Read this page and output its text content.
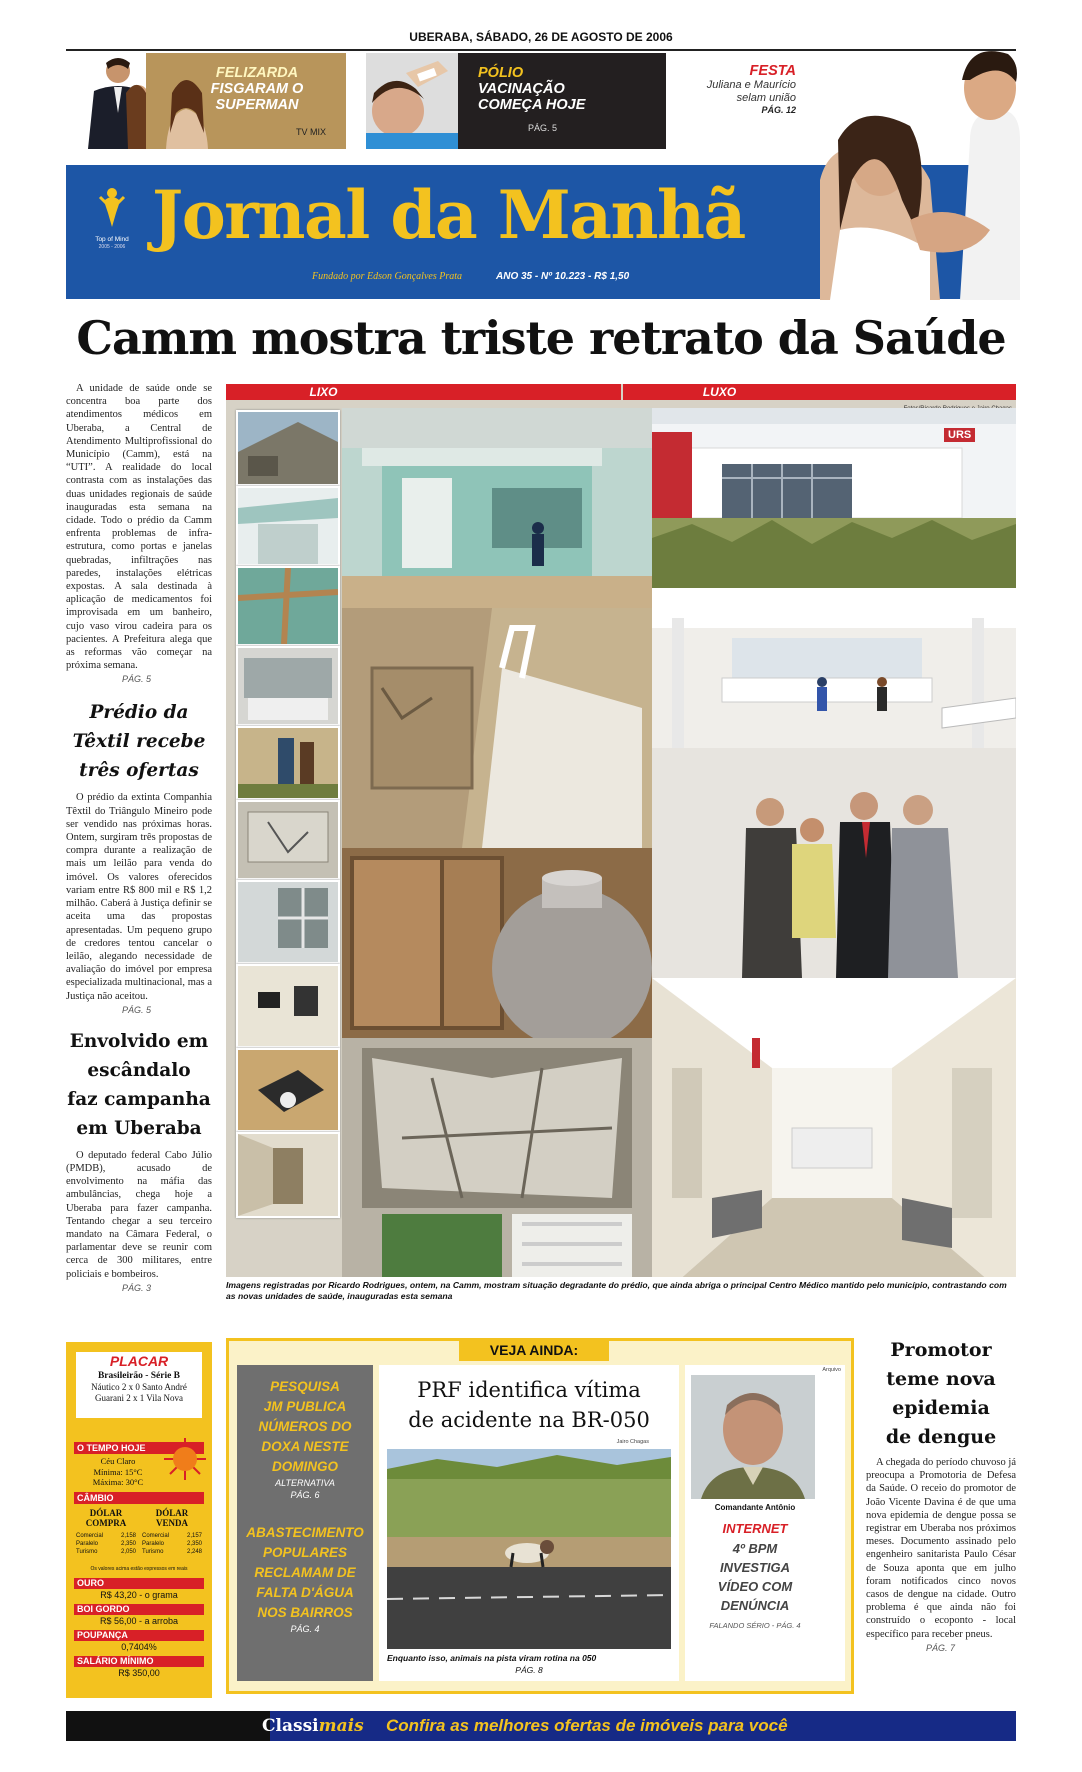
UBERABA, SÁBADO, 26 DE AGOSTO DE 2006
FELIZARDA
FISGARAM O
SUPERMAN
TV MIX
PÓLIO
VACINAÇÃO
COMEÇA HOJE
PÁG. 5
FESTA
Juliana e Maurício
selam união
PÁG. 12
Top of Mind
2005 - 2006 Jornal da Manhã
Fundado por Edson Gonçalves Prata	ANO 35 - Nº 10.223 - R$ 1,50
Camm mostra triste retrato da Saúde
A unidade de saúde onde se concentra boa parte dos atendimentos médicos em Uberaba, a Central de Atendimento Multiprofissional do Município (Camm), está na “UTI”. A realidade do local contrasta com as instalações das duas unidades regionais de saúde inauguradas esta semana na cidade. Todo o prédio da Camm enfrenta problemas de infra-estrutura, como portas e janelas quebradas, infiltrações nas paredes, instalações elétricas expostas. A sala destinada à aplicação de medicamentos foi improvisada em um banheiro, cujo vaso virou cadeira para os pacientes. A Prefeitura alega que as reformas vão começar na próxima semana.
PÁG. 5
Prédio da
Têxtil recebe
três ofertas
O prédio da extinta Companhia Têxtil do Triângulo Mineiro pode ser vendido nas próximas horas. Ontem, surgiram três propostas de compra durante a realização de mais um leilão para venda do imóvel. Os valores oferecidos variam entre R$ 800 mil e R$ 1,2 milhão. Caberá à Justiça definir se aceita uma das propostas apresentadas. Um pequeno grupo de credores tentou cancelar o leilão, alegando necessidade de avaliação do imóvel por empresa especializada multinacional, mas a Justiça não aceitou.
PÁG. 5
Envolvido em
escândalo
faz campanha
em Uberaba
O deputado federal Cabo Júlio (PMDB), acusado de envolvimento na máfia das ambulâncias, chega hoje a Uberaba para fazer campanha. Tentando chegar a seu terceiro mandato na Câmara Federal, o parlamentar deve se reunir com cerca de 300 militares, entre policiais e bombeiros.
PÁG. 3
LIXO	LUXO
URS
Imagens registradas por Ricardo Rodrigues, ontem, na Camm, mostram situação degradante do prédio, que ainda abriga o principal Centro Médico mantido pelo município, contrastando com as novas unidades de saúde, inauguradas esta semana
PLACAR
Brasileirão - Série B
Náutico 2 x 0 Santo André
Guarani 2 x 1 Vila Nova
O TEMPO HOJE
Céu Claro
Mínima: 15°C
Máxima: 30°C
CÂMBIO
DÓLAR COMPRA
Comercial	2,158
Paralelo	2,350
Turismo	2,050
DÓLAR VENDA
Comercial	2,157
Paralelo	2,350
Turismo	2,248
Os valores acima estão expressos em reais
OURO
R$ 43,20 - o grama
BOI GORDO
R$ 56,00 - a arroba
POUPANÇA
0,7404%
SALÁRIO MÍNIMO
R$ 350,00
VEJA AINDA:
PESQUISA
JM PUBLICA
NÚMEROS DO
DOXA NESTE
DOMINGO
ALTERNATIVA
PÁG. 6
ABASTECIMENTO
POPULARES
RECLAMAM DE
FALTA D'ÁGUA
NOS BAIRROS
PÁG. 4
PRF identifica vítima
de acidente na BR-050
Jairo Chagas
Enquanto isso, animais na pista viram rotina na 050
PÁG. 8
Arquivo
Comandante Antônio
INTERNET
4º BPM
INVESTIGA
VÍDEO COM
DENÚNCIA
FALANDO SÉRIO - PÁG. 4
Promotor
teme nova
epidemia
de dengue
A chegada do período chuvoso já preocupa a Promotoria de Defesa da Saúde. O receio do promotor de João Vicente Davina é de que uma nova epidemia de dengue possa se registrar em Uberaba nos próximos meses. Documento assinado pelo engenheiro sanitarista Paulo César de Souza aponta que em julho foram notificados cinco novos casos de dengue na cidade. Outro problema é que ainda não foi construído o ecoponto - local específico para receber pneus.
PÁG. 7
Classimais Confira as melhores ofertas de imóveis para você
